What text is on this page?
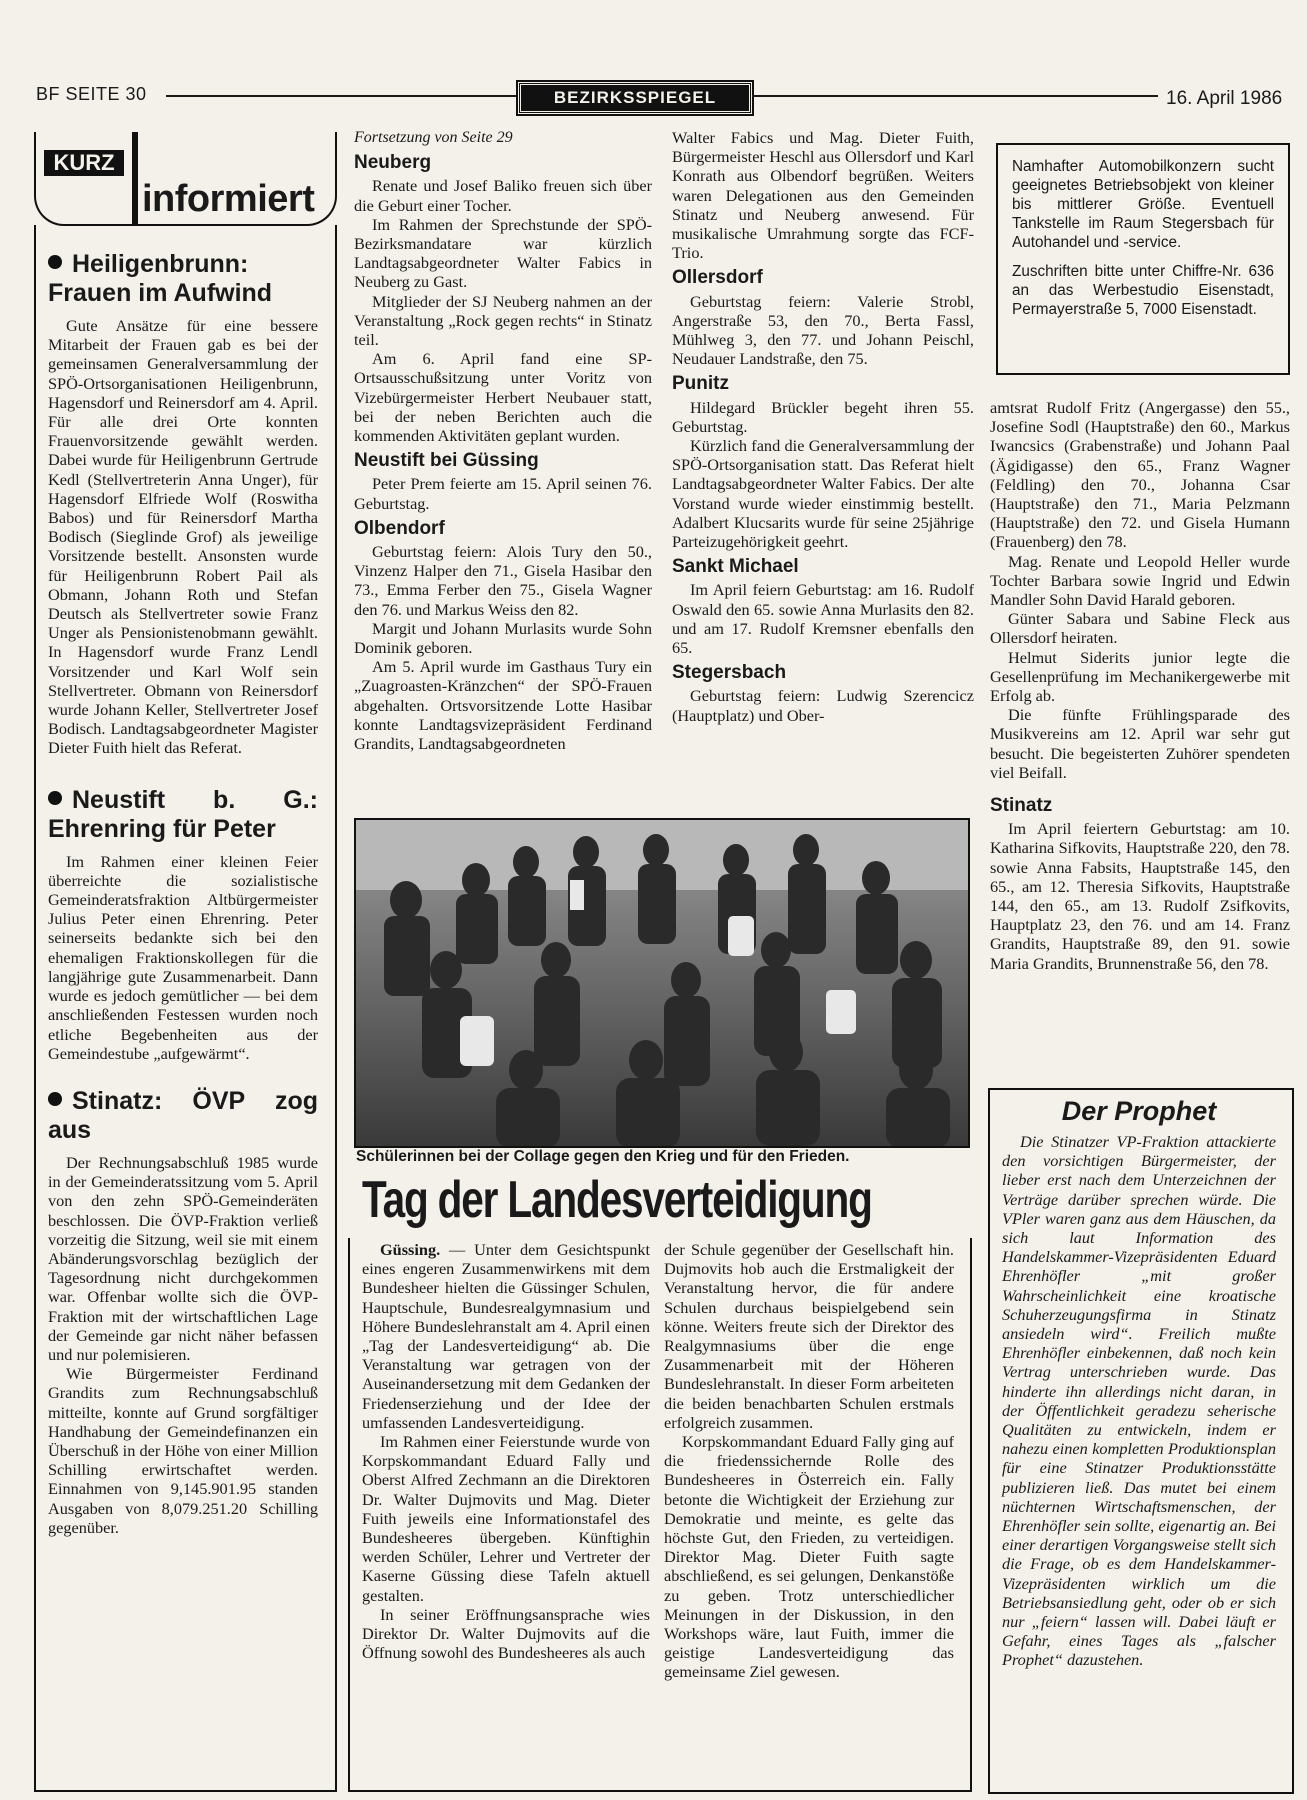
BF SEITE 30	BEZIRKSSPIEGEL	16. April 1986
KURZ
informiert
Heiligenbrunn: Frauen im Aufwind

Gute Ansätze für eine bessere Mitarbeit der Frauen gab es bei der gemeinsamen Generalversammlung der SPÖ-Ortsorganisationen Heiligenbrunn, Hagensdorf und Reinersdorf am 4. April. Für alle drei Orte konnten Frauenvorsitzende gewählt werden. Dabei wurde für Heiligenbrunn Gertrude Kedl (Stellvertreterin Anna Unger), für Hagensdorf Elfriede Wolf (Roswitha Babos) und für Reinersdorf Martha Bodisch (Sieglinde Grof) als jeweilige Vorsitzende bestellt. Ansonsten wurde für Heiligenbrunn Robert Pail als Obmann, Johann Roth und Stefan Deutsch als Stellvertreter sowie Franz Unger als Pensionistenobmann gewählt. In Hagensdorf wurde Franz Lendl Vorsitzender und Karl Wolf sein Stellvertreter. Obmann von Reinersdorf wurde Johann Keller, Stellvertreter Josef Bodisch. Landtagsabgeordneter Magister Dieter Fuith hielt das Referat.

Neustift b. G.: Ehrenring für Peter

Im Rahmen einer kleinen Feier überreichte die sozialistische Gemeinderatsfraktion Altbürgermeister Julius Peter einen Ehrenring. Peter seinerseits bedankte sich bei den ehemaligen Fraktionskollegen für die langjährige gute Zusammenarbeit. Dann wurde es jedoch gemütlicher — bei dem anschließenden Festessen wurden noch etliche Begebenheiten aus der Gemeindestube „aufgewärmt“.

Stinatz: ÖVP zog aus

Der Rechnungsabschluß 1985 wurde in der Gemeinderatssitzung vom 5. April von den zehn SPÖ-Gemeinderäten beschlossen. Die ÖVP-Fraktion verließ vorzeitig die Sitzung, weil sie mit einem Abänderungsvorschlag bezüglich der Tagesordnung nicht durchgekommen war. Offenbar wollte sich die ÖVP-Fraktion mit der wirtschaftlichen Lage der Gemeinde gar nicht näher befassen und nur polemisieren.

Wie Bürgermeister Ferdinand Grandits zum Rechnungsabschluß mitteilte, konnte auf Grund sorgfältiger Handhabung der Gemeindefinanzen ein Überschuß in der Höhe von einer Million Schilling erwirtschaftet werden. Einnahmen von 9,145.901.95 standen Ausgaben von 8,079.251.20 Schilling gegenüber.

Fortsetzung von Seite 29
Neuberg

Renate und Josef Baliko freuen sich über die Geburt einer Tocher.

Im Rahmen der Sprechstunde der SPÖ-Bezirksmandatare war kürzlich Landtagsabgeordneter Walter Fabics in Neuberg zu Gast.

Mitglieder der SJ Neuberg nahmen an der Veranstaltung „Rock gegen rechts“ in Stinatz teil.

Am 6. April fand eine SP-Ortsausschußsitzung unter Voritz von Vizebürgermeister Herbert Neubauer statt, bei der neben Berichten auch die kommenden Aktivitäten geplant wurden.

Neustift bei Güssing

Peter Prem feierte am 15. April seinen 76. Geburtstag.

Olbendorf

Geburtstag feiern: Alois Tury den 50., Vinzenz Halper den 71., Gisela Hasibar den 73., Emma Ferber den 75., Gisela Wagner den 76. und Markus Weiss den 82.

Margit und Johann Murlasits wurde Sohn Dominik geboren.

Am 5. April wurde im Gasthaus Tury ein „Zuagroasten-Kränzchen“ der SPÖ-Frauen abgehalten. Ortsvorsitzende Lotte Hasibar konnte Landtagsvizepräsident Ferdinand Grandits, Landtagsabgeordneten

Walter Fabics und Mag. Dieter Fuith, Bürgermeister Heschl aus Ollersdorf und Karl Konrath aus Olbendorf begrüßen. Weiters waren Delegationen aus den Gemeinden Stinatz und Neuberg anwesend. Für musikalische Umrahmung sorgte das FCF-Trio.

Ollersdorf

Geburtstag feiern: Valerie Strobl, Angerstraße 53, den 70., Berta Fassl, Mühlweg 3, den 77. und Johann Peischl, Neudauer Landstraße, den 75.

Punitz

Hildegard Brückler begeht ihren 55. Geburtstag.

Kürzlich fand die Generalversammlung der SPÖ-Ortsorganisation statt. Das Referat hielt Landtagsabgeordneter Walter Fabics. Der alte Vorstand wurde wieder einstimmig bestellt. Adalbert Klucsarits wurde für seine 25jährige Parteizugehörigkeit geehrt.

Sankt Michael

Im April feiern Geburtstag: am 16. Rudolf Oswald den 65. sowie Anna Murlasits den 82. und am 17. Rudolf Kremsner ebenfalls den 65.

Stegersbach

Geburtstag feiern: Ludwig Szerencicz (Hauptplatz) und Ober-

Namhafter Automobilkonzern sucht geeignetes Betriebsobjekt von kleiner bis mittlerer Größe. Eventuell Tankstelle im Raum Stegersbach für Autohandel und -service.

Zuschriften bitte unter Chiffre-Nr. 636 an das Werbestudio Eisenstadt, Permayerstraße 5, 7000 Eisenstadt.

amtsrat Rudolf Fritz (Angergasse) den 55., Josefine Sodl (Hauptstraße) den 60., Markus Iwancsics (Grabenstraße) und Johann Paal (Ägidigasse) den 65., Franz Wagner (Feldling) den 70., Johanna Csar (Hauptstraße) den 71., Maria Pelzmann (Hauptstraße) den 72. und Gisela Humann (Frauenberg) den 78.

Mag. Renate und Leopold Heller wurde Tochter Barbara sowie Ingrid und Edwin Mandler Sohn David Harald geboren.

Günter Sabara und Sabine Fleck aus Ollersdorf heiraten.

Helmut Siderits junior legte die Gesellenprüfung im Mechanikergewerbe mit Erfolg ab.

Die fünfte Frühlingsparade des Musikvereins am 12. April war sehr gut besucht. Die begeisterten Zuhörer spendeten viel Beifall.

Stinatz

Im April feiertern Geburtstag: am 10. Katharina Sifkovits, Hauptstraße 220, den 78. sowie Anna Fabsits, Hauptstraße 145, den 65., am 12. Theresia Sifkovits, Hauptstraße 144, den 65., am 13. Rudolf Zsifkovits, Hauptplatz 23, den 76. und am 14. Franz Grandits, Hauptstraße 89, den 91. sowie Maria Grandits, Brunnenstraße 56, den 78.

Schülerinnen bei der Collage gegen den Krieg und für den Frieden.
Tag der Landesverteidigung

Güssing. — Unter dem Gesichtspunkt eines engeren Zusammenwirkens mit dem Bundesheer hielten die Güssinger Schulen, Hauptschule, Bundesrealgymnasium und Höhere Bundeslehranstalt am 4. April einen „Tag der Landesverteidigung“ ab. Die Veranstaltung war getragen von der Auseinandersetzung mit dem Gedanken der Friedenserziehung und der Idee der umfassenden Landesverteidigung.

Im Rahmen einer Feierstunde wurde von Korpskommandant Eduard Fally und Oberst Alfred Zechmann an die Direktoren Dr. Walter Dujmovits und Mag. Dieter Fuith jeweils eine Informationstafel des Bundesheeres übergeben. Künftighin werden Schüler, Lehrer und Vertreter der Kaserne Güssing diese Tafeln aktuell gestalten.

In seiner Eröffnungsansprache wies Direktor Dr. Walter Dujmovits auf die Öffnung sowohl des Bundesheeres als auch

der Schule gegenüber der Gesellschaft hin. Dujmovits hob auch die Erstmaligkeit der Veranstaltung hervor, die für andere Schulen durchaus beispielgebend sein könne. Weiters freute sich der Direktor des Realgymnasiums über die enge Zusammenarbeit mit der Höheren Bundeslehranstalt. In dieser Form arbeiteten die beiden benachbarten Schulen erstmals erfolgreich zusammen.

Korpskommandant Eduard Fally ging auf die friedenssichernde Rolle des Bundesheeres in Österreich ein. Fally betonte die Wichtigkeit der Erziehung zur Demokratie und meinte, es gelte das höchste Gut, den Frieden, zu verteidigen. Direktor Mag. Dieter Fuith sagte abschließend, es sei gelungen, Denkanstöße zu geben. Trotz unterschiedlicher Meinungen in der Diskussion, in den Workshops wäre, laut Fuith, immer die geistige Landesverteidigung das gemeinsame Ziel gewesen.

Der Prophet

Die Stinatzer VP-Fraktion attackierte den vorsichtigen Bürgermeister, der lieber erst nach dem Unterzeichnen der Verträge darüber sprechen würde. Die VPler waren ganz aus dem Häuschen, da sich laut Information des Handelskammer-Vizepräsidenten Eduard Ehrenhöfler „mit großer Wahrscheinlichkeit eine kroatische Schuherzeugungsfirma in Stinatz ansiedeln wird“. Freilich mußte Ehrenhöfler einbekennen, daß noch kein Vertrag unterschrieben wurde. Das hinderte ihn allerdings nicht daran, in der Öffentlichkeit geradezu seherische Qualitäten zu entwickeln, indem er nahezu einen kompletten Produktionsplan für eine Stinatzer Produktionsstätte publizieren ließ. Das mutet bei einem nüchternen Wirtschaftsmenschen, der Ehrenhöfler sein sollte, eigenartig an. Bei einer derartigen Vorgangsweise stellt sich die Frage, ob es dem Handelskammer-Vizepräsidenten wirklich um die Betriebsansiedlung geht, oder ob er sich nur „feiern“ lassen will. Dabei läuft er Gefahr, eines Tages als „falscher Prophet“ dazustehen.
